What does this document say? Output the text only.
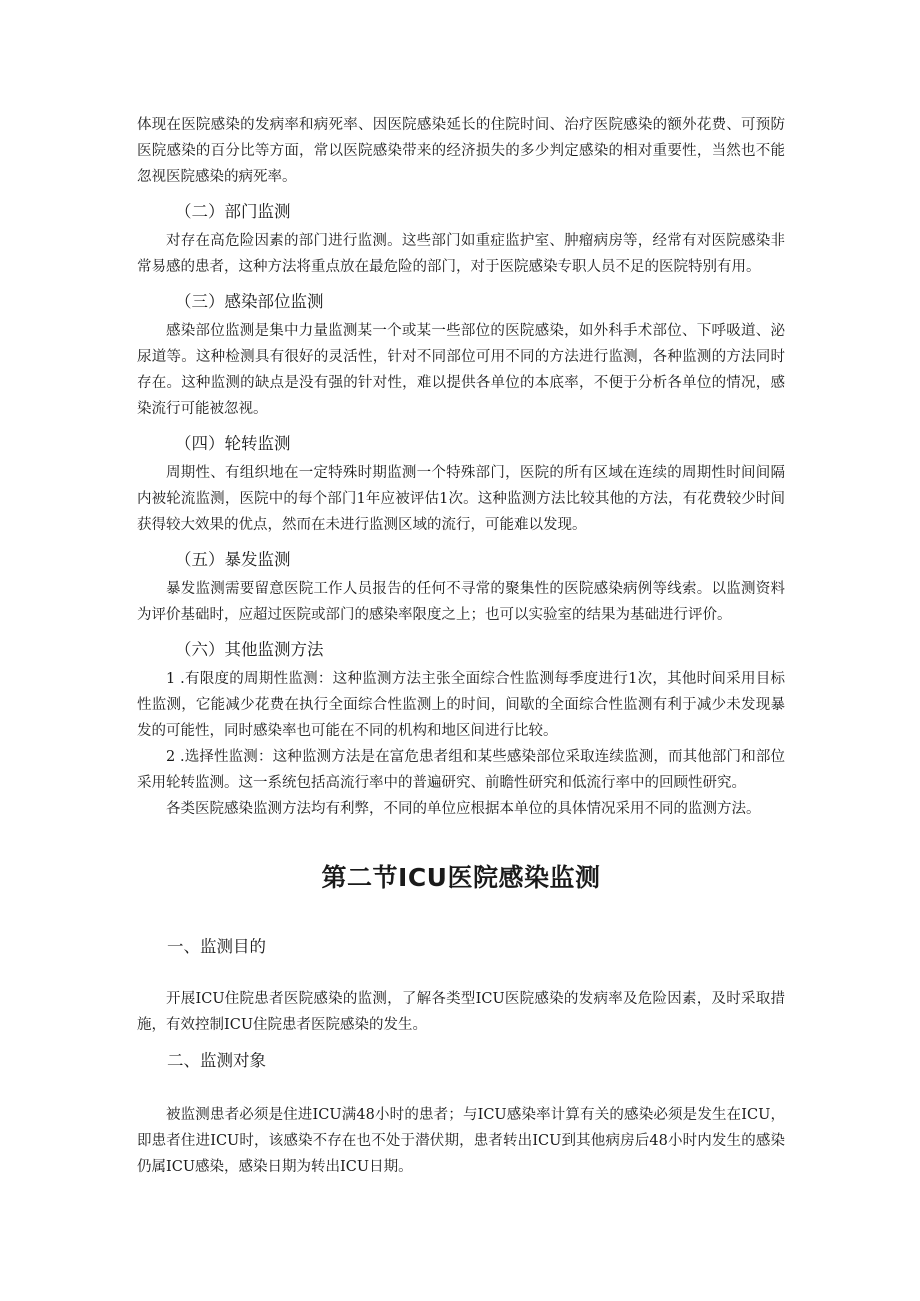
体现在医院感染的发病率和病死率、因医院感染延长的住院时间、治疗医院感染的额外花费、可预防医院感染的百分比等方面，常以医院感染带来的经济损失的多少判定感染的相对重要性，当然也不能忽视医院感染的病死率。

（二）部门监测

对存在高危险因素的部门进行监测。这些部门如重症监护室、肿瘤病房等，经常有对医院感染非常易感的患者，这种方法将重点放在最危险的部门，对于医院感染专职人员不足的医院特别有用。

（三）感染部位监测

感染部位监测是集中力量监测某一个或某一些部位的医院感染，如外科手术部位、下呼吸道、泌尿道等。这种检测具有很好的灵活性，针对不同部位可用不同的方法进行监测，各种监测的方法同时存在。这种监测的缺点是没有强的针对性，难以提供各单位的本底率，不便于分析各单位的情况，感染流行可能被忽视。

（四）轮转监测

周期性、有组织地在一定特殊时期监测一个特殊部门，医院的所有区域在连续的周期性时间间隔内被轮流监测，医院中的每个部门1年应被评估1次。这种监测方法比较其他的方法，有花费较少时间获得较大效果的优点，然而在未进行监测区域的流行，可能难以发现。

（五）暴发监测

暴发监测需要留意医院工作人员报告的任何不寻常的聚集性的医院感染病例等线索。以监测资料为评价基础时，应超过医院或部门的感染率限度之上；也可以实验室的结果为基础进行评价。

（六）其他监测方法

1 .有限度的周期性监测：这种监测方法主张全面综合性监测每季度进行1次，其他时间采用目标性监测，它能减少花费在执行全面综合性监测上的时间，间歇的全面综合性监测有利于减少未发现暴发的可能性，同时感染率也可能在不同的机构和地区间进行比较。

2 .选择性监测：这种监测方法是在富危患者组和某些感染部位采取连续监测，而其他部门和部位采用轮转监测。这一系统包括高流行率中的普遍研究、前瞻性研究和低流行率中的回顾性研究。

各类医院感染监测方法均有利弊，不同的单位应根据本单位的具体情况采用不同的监测方法。

第二节ICU医院感染监测
一、监测目的

开展ICU住院患者医院感染的监测，了解各类型ICU医院感染的发病率及危险因素，及时采取措施，有效控制ICU住院患者医院感染的发生。

二、监测对象

被监测患者必须是住进ICU满48小时的患者；与ICU感染率计算有关的感染必须是发生在ICU，即患者住进ICU时，该感染不存在也不处于潜伏期，患者转出ICU到其他病房后48小时内发生的感染仍属ICU感染，感染日期为转出ICU日期。
